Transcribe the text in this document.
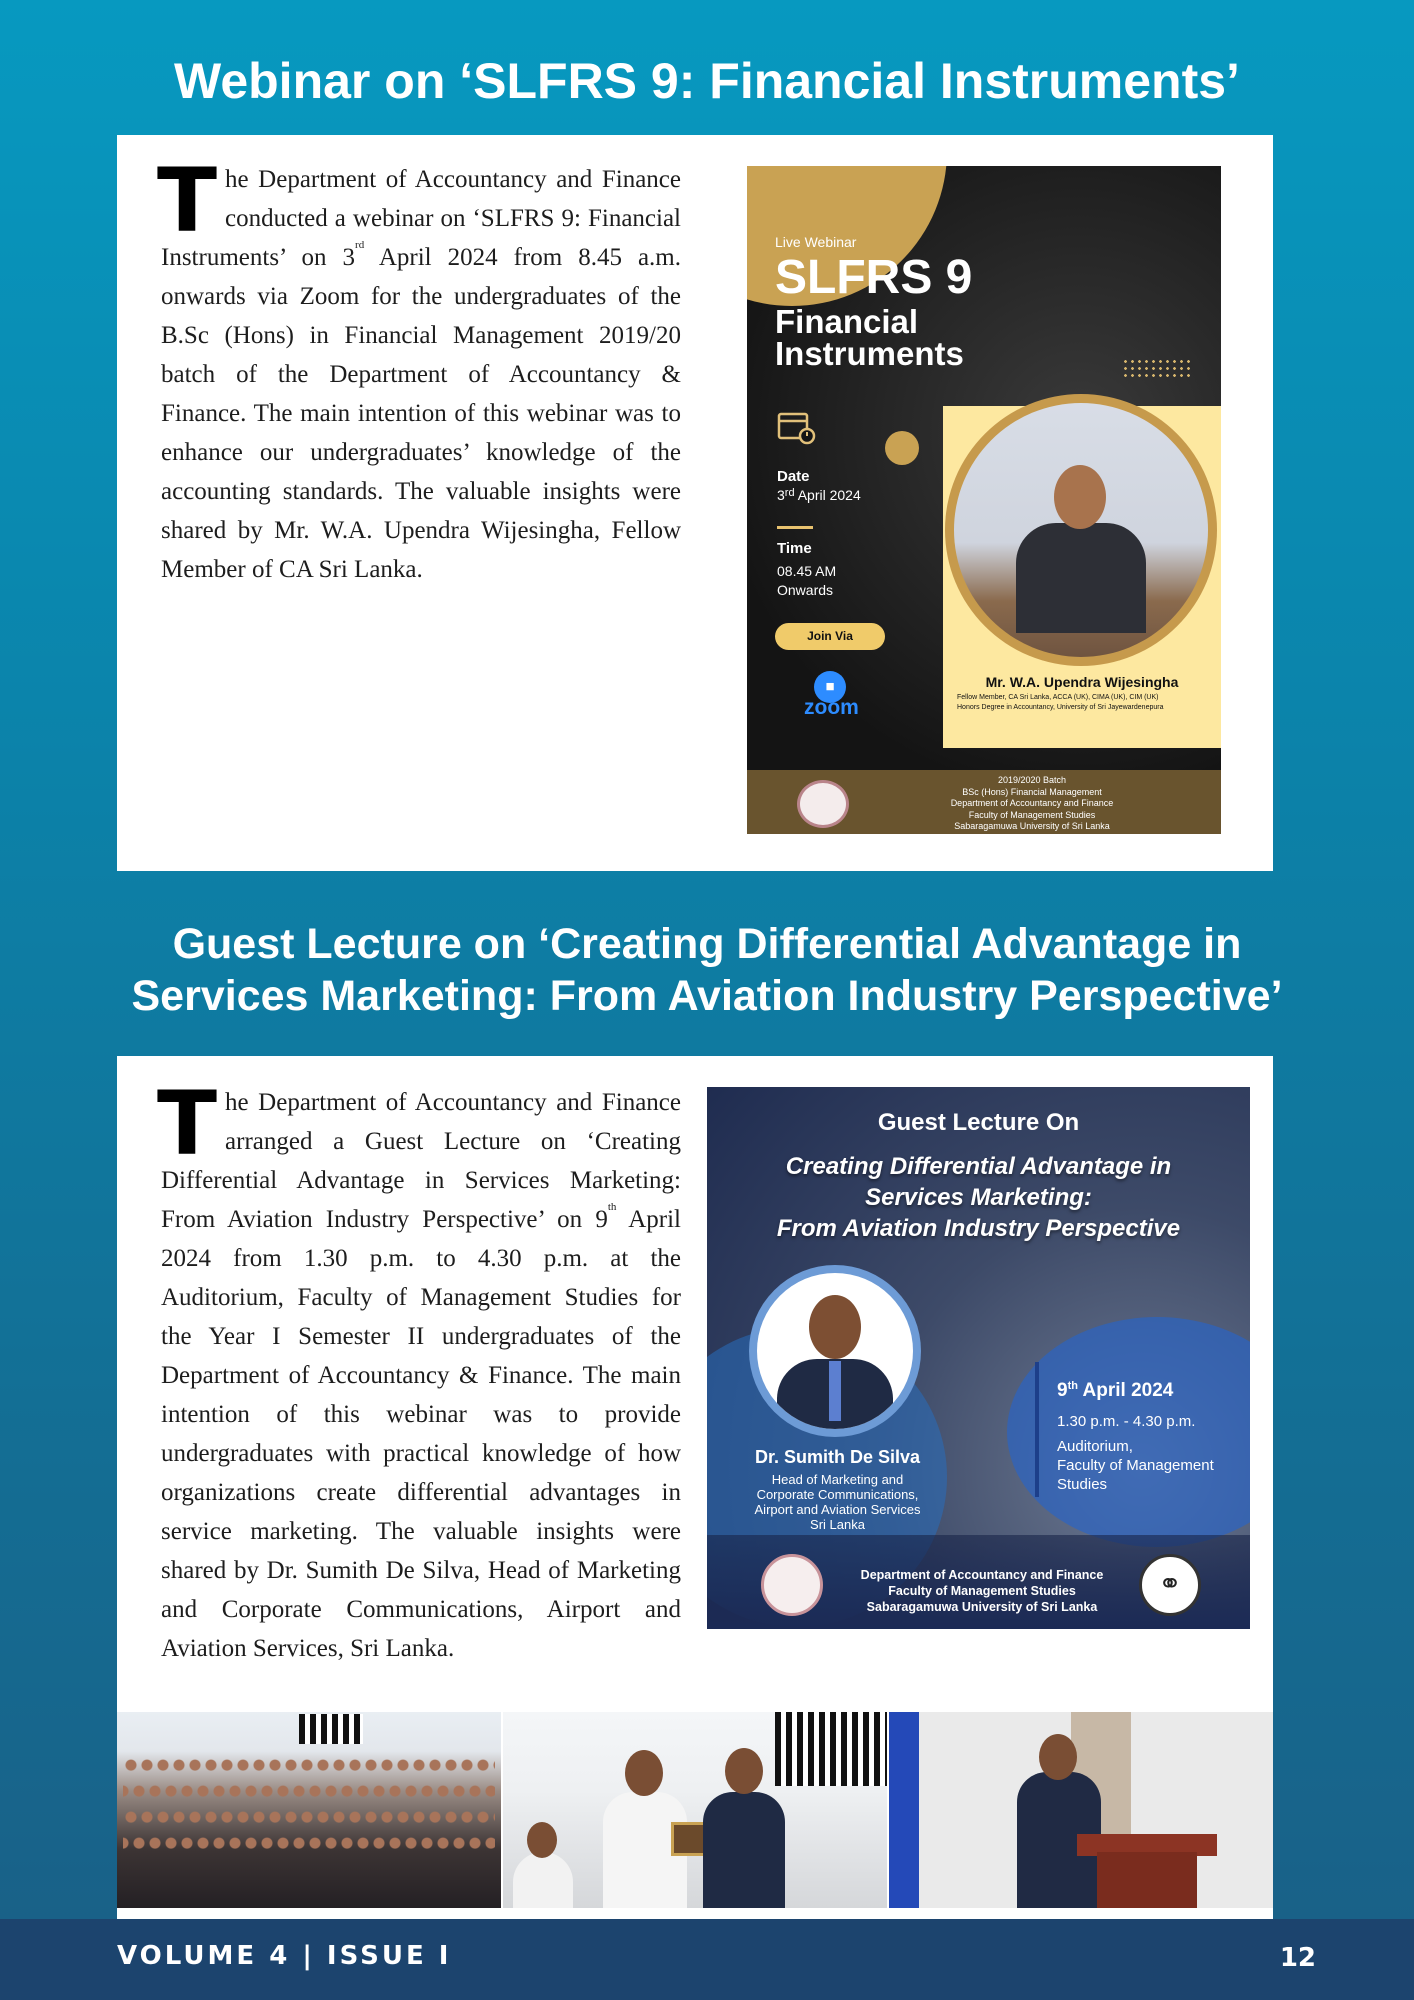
Webinar on ‘SLFRS 9: Financial Instruments’
The Department of Accountancy and Finance conducted a webinar on ‘SLFRS 9: Financial Instruments’ on 3rd April 2024 from 8.45 a.m. onwards via Zoom for the undergraduates of the B.Sc (Hons) in Financial Management 2019/20 batch of the Department of Accountancy & Finance. The main intention of this webinar was to enhance our undergraduates’ knowledge of the accounting standards. The valuable insights were shared by Mr. W.A. Upendra Wijesingha, Fellow Member of CA Sri Lanka.
Live Webinar
SLFRS 9
Financial Instruments
Date
3rd April 2024
Time
08.45 AM
Onwards
Join Via
■
zoom
Mr. W.A. Upendra Wijesingha
Fellow Member, CA Sri Lanka, ACCA (UK), CIMA (UK), CIM (UK)
Honors Degree in Accountancy, University of Sri Jayewardenepura
2019/2020 Batch
BSc (Hons) Financial Management
Department of Accountancy and Finance
Faculty of Management Studies
Sabaragamuwa University of Sri Lanka
Guest Lecture on ‘Creating Differential Advantage in
Services Marketing: From Aviation Industry Perspective’
The Department of Accountancy and Finance arranged a Guest Lecture on ‘Creating Differential Advantage in Services Marketing: From Aviation Industry Perspective’ on 9th April 2024 from 1.30 p.m. to 4.30 p.m. at the Auditorium, Faculty of Management Studies for the Year I Semester II undergraduates of the Department of Accountancy & Finance. The main intention of this webinar was to provide undergraduates with practical knowledge of how organizations create differential advantages in service marketing. The valuable insights were shared by Dr. Sumith De Silva, Head of Marketing and Corporate Communications, Airport and Aviation Services, Sri Lanka.
Guest Lecture On
Creating Differential Advantage in
Services Marketing:
From Aviation Industry Perspective
Dr. Sumith De Silva
Head of Marketing and
Corporate Communications,
Airport and Aviation Services
Sri Lanka
9th April 2024
1.30 p.m. - 4.30 p.m.
Auditorium,
Faculty of Management
Studies
⚭
Department of Accountancy and Finance
Faculty of Management Studies
Sabaragamuwa University of Sri Lanka
VOLUME 4 | ISSUE I	12
